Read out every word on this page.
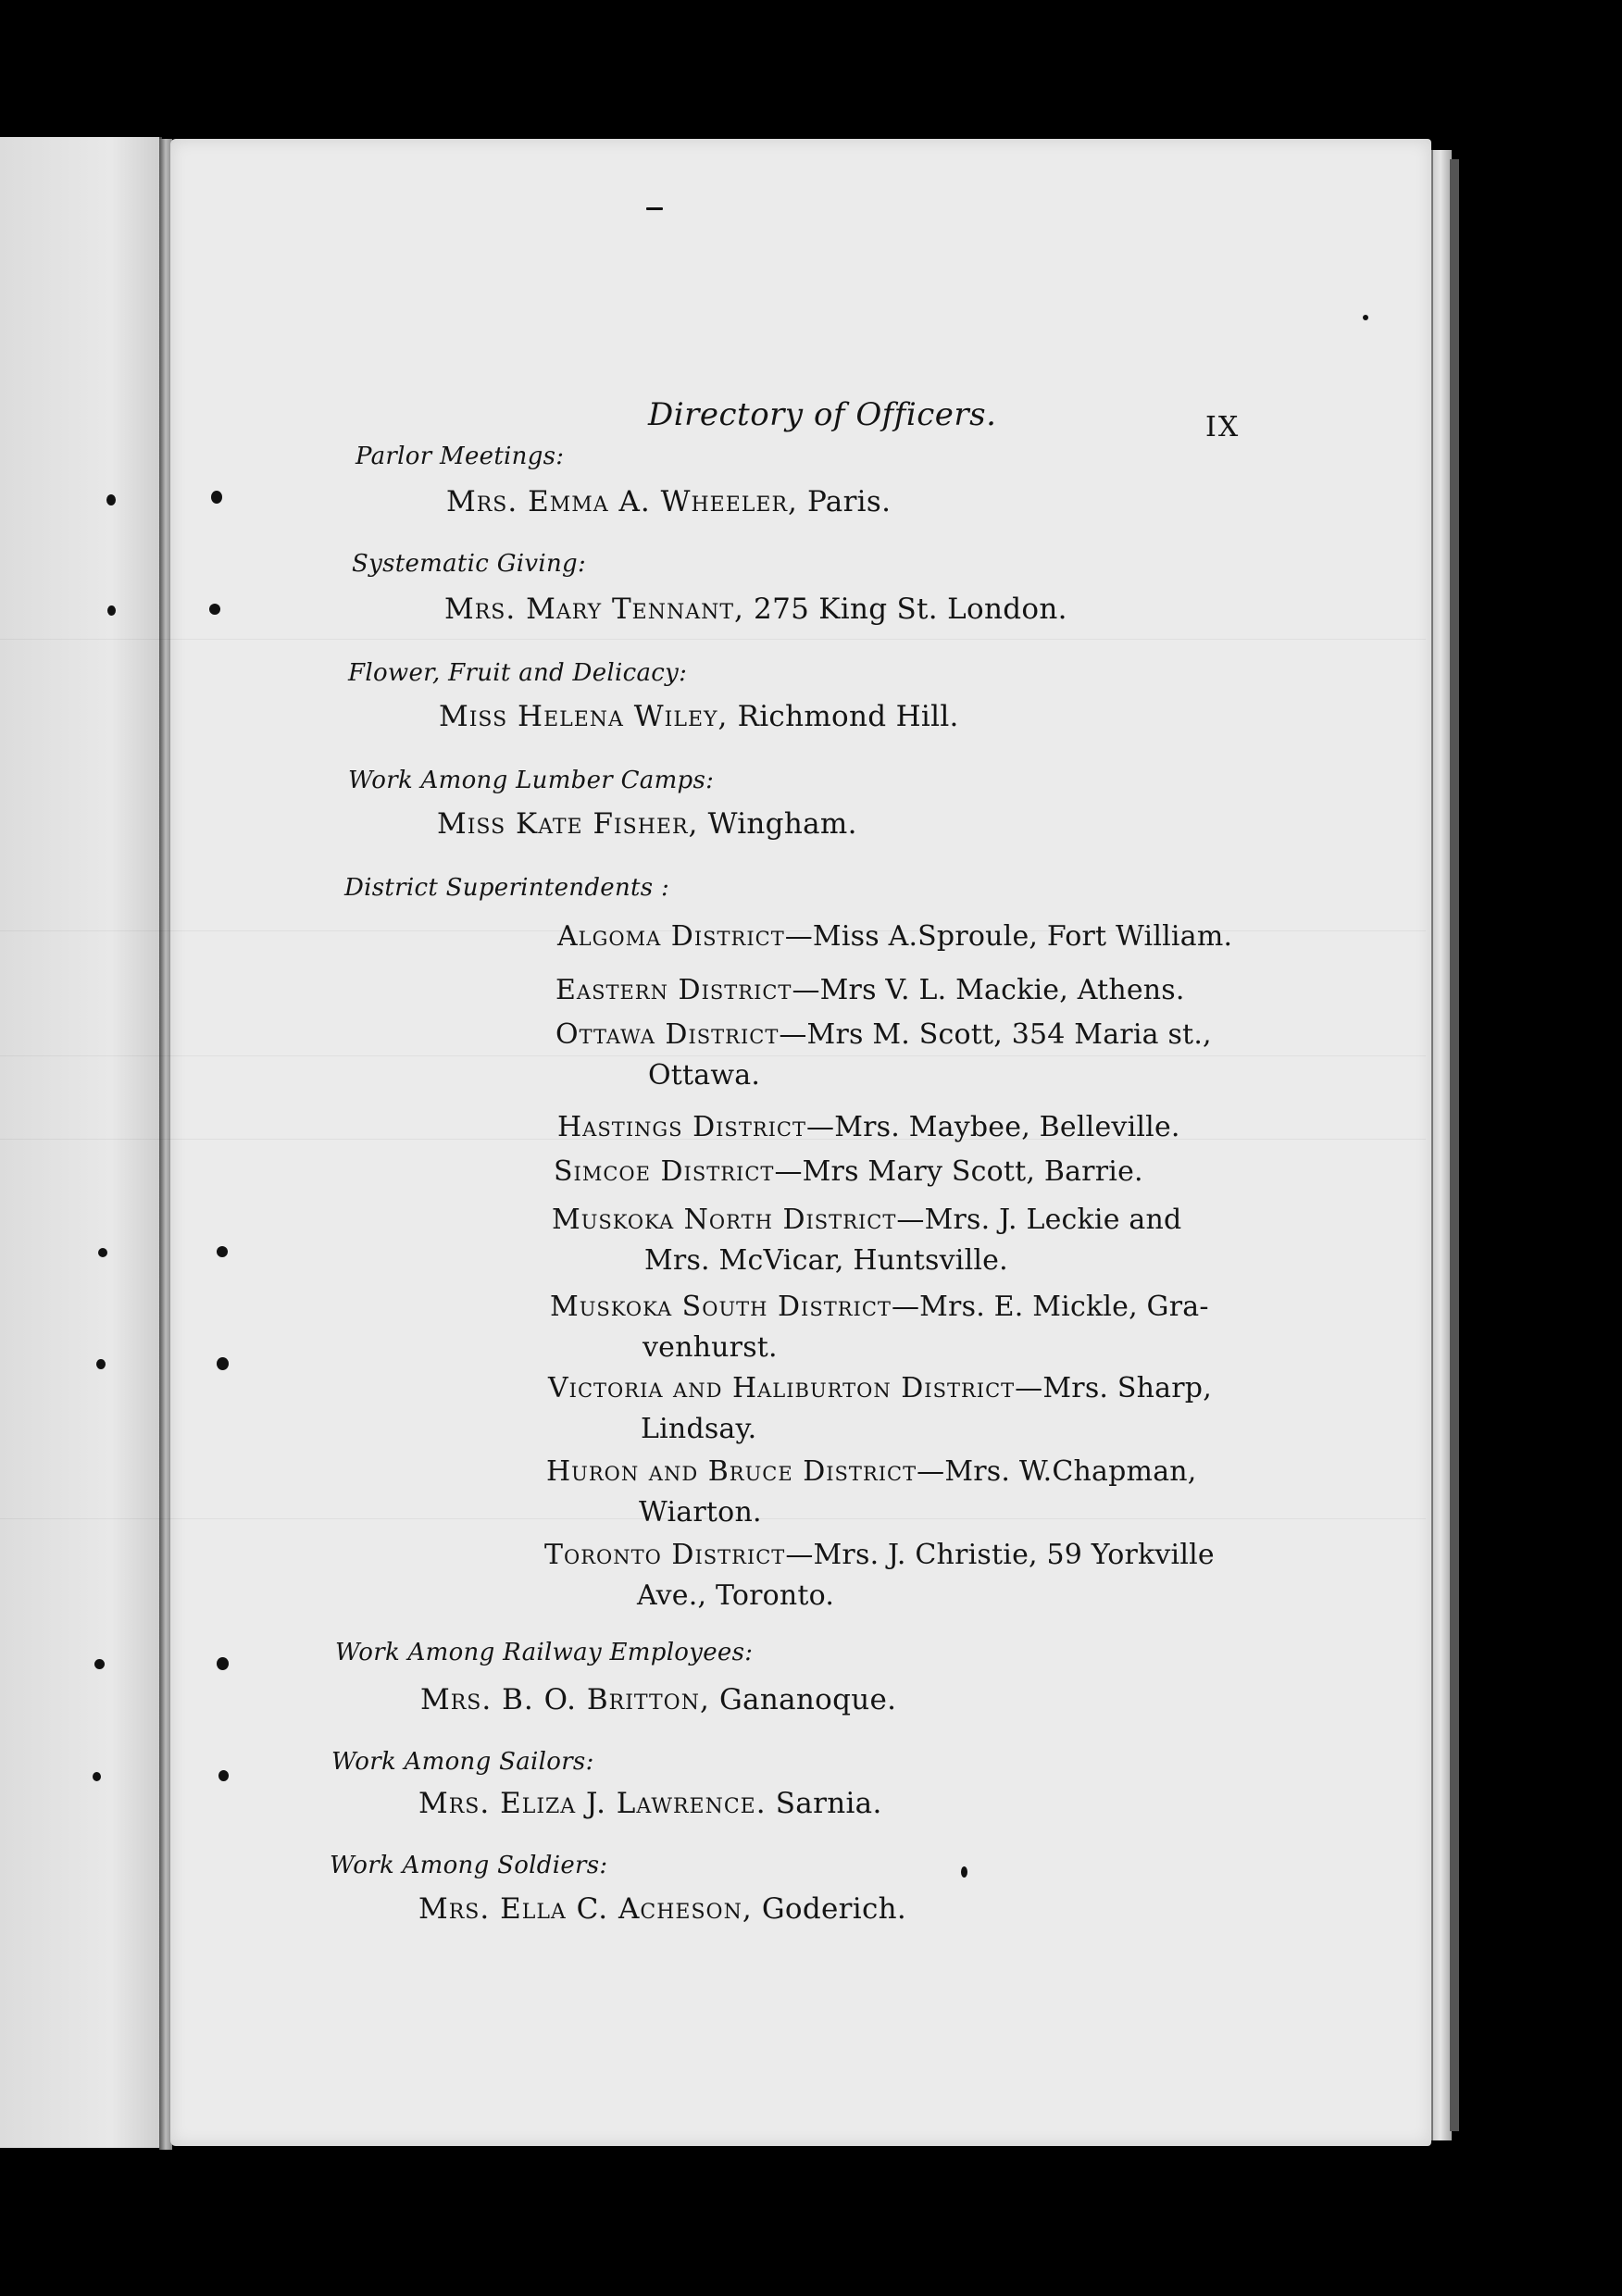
Directory of Officers.	IX
Parlor Meetings:
Mrs. Emma A. Wheeler, Paris.
Systematic Giving:
Mrs. Mary Tennant, 275 King St. London.
Flower, Fruit and Delicacy:
Miss Helena Wiley, Richmond Hill.
Work Among Lumber Camps:
Miss Kate Fisher, Wingham.
District Superintendents :
Algoma District—Miss A.Sproule, Fort William.
Eastern District—Mrs V. L. Mackie, Athens.
Ottawa District—Mrs M. Scott, 354 Maria st.,
Ottawa.
Hastings District—Mrs. Maybee, Belleville.
Simcoe District—Mrs Mary Scott, Barrie.
Muskoka North District—Mrs. J. Leckie and
Mrs. McVicar, Huntsville.
Muskoka South District—Mrs. E. Mickle, Gra-
venhurst.
Victoria and Haliburton District—Mrs. Sharp,
Lindsay.
Huron and Bruce District—Mrs. W.Chapman,
Wiarton.
Toronto District—Mrs. J. Christie, 59 Yorkville
Ave., Toronto.
Work Among Railway Employees:
Mrs. B. O. Britton, Gananoque.
Work Among Sailors:
Mrs. Eliza J. Lawrence. Sarnia.
Work Among Soldiers:
Mrs. Ella C. Acheson, Goderich.
